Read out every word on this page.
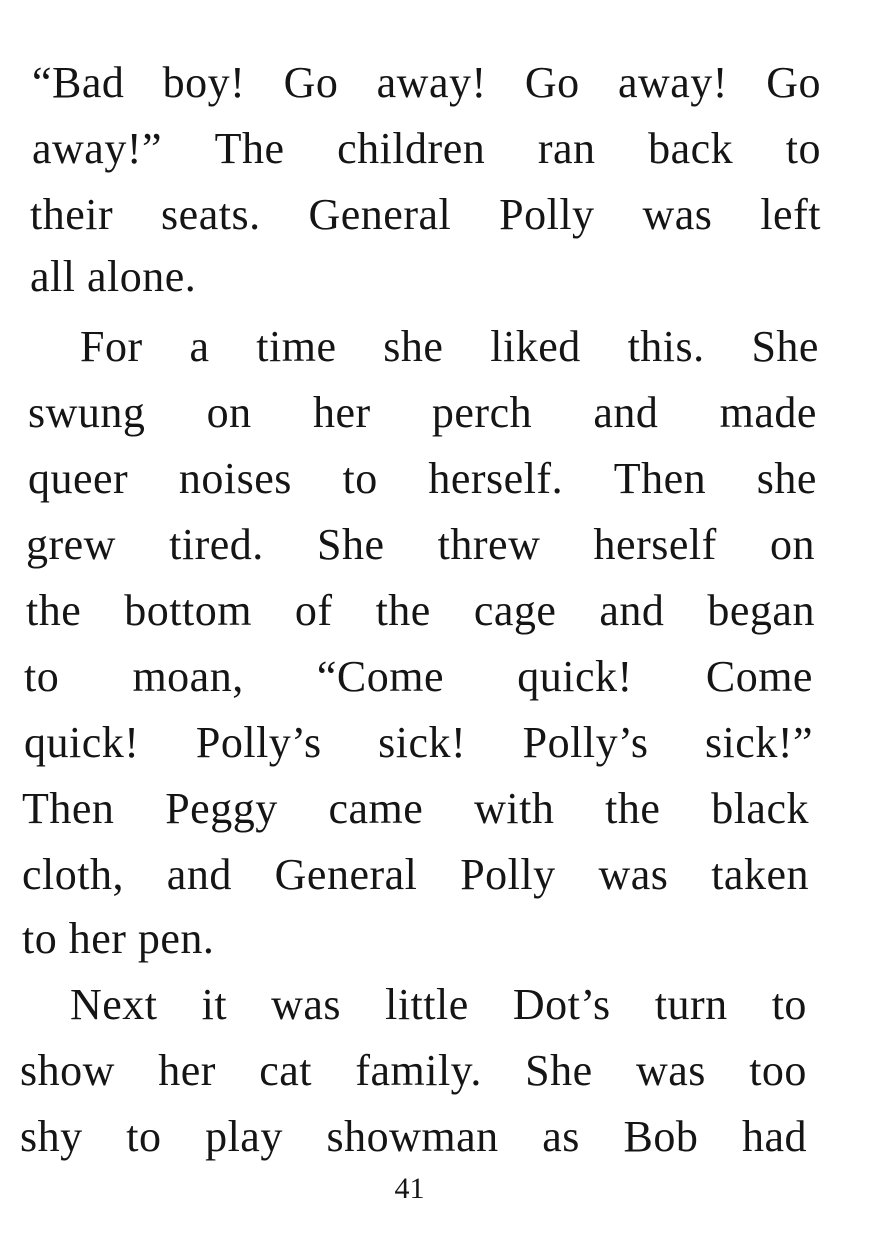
“Bad boy! Go away! Go away! Go
away!” The children ran back to
their seats. General Polly was left
all alone.
For a time she liked this. She
swung on her perch and made
queer noises to herself. Then she
grew tired. She threw herself on
the bottom of the cage and began
to moan, “Come quick! Come
quick! Polly’s sick! Polly’s sick!”
Then Peggy came with the black
cloth, and General Polly was taken
to her pen.
Next it was little Dot’s turn to
show her cat family. She was too
shy to play showman as Bob had
41
